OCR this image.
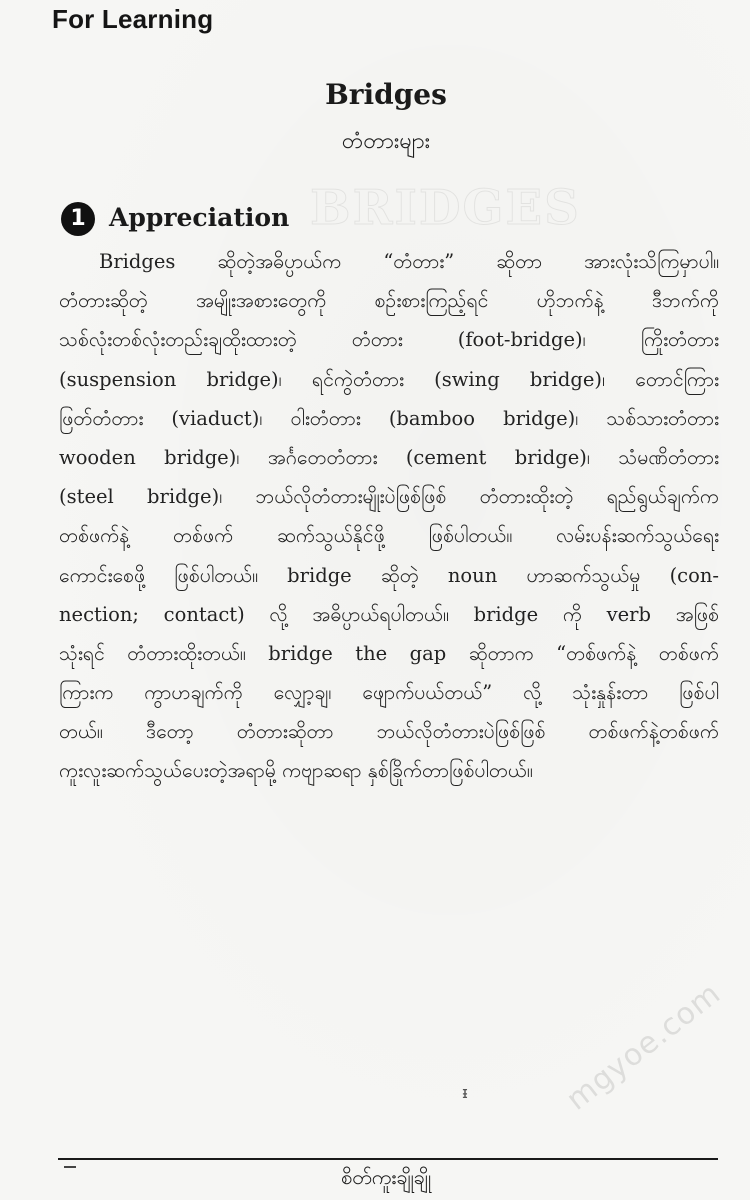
For Learning
BRIDGES
Bridges
တံတားများ
1 Appreciation
Bridges ဆိုတဲ့အဓိပ္ပာယ်က “တံတား” ဆိုတာ အားလုံးသိကြမှာပါ။
တံတားဆိုတဲ့ အမျိုးအစားတွေကို စဉ်းစားကြည့်ရင် ဟိုဘက်နဲ့ ဒီဘက်ကို
သစ်လုံးတစ်လုံးတည်းချထိုးထားတဲ့ တံတား (foot-bridge)၊ ကြိုးတံတား
(suspension bridge)၊ ရင်ကွဲတံတား (swing bridge)၊ တောင်ကြား
ဖြတ်တံတား (viaduct)၊ ဝါးတံတား (bamboo bridge)၊ သစ်သားတံတား
wooden bridge)၊ အင်္ဂတေတံတား (cement bridge)၊ သံမဏိတံတား
(steel bridge)၊ ဘယ်လိုတံတားမျိုးပဲဖြစ်ဖြစ် တံတားထိုးတဲ့ ရည်ရွယ်ချက်က
တစ်ဖက်နဲ့ တစ်ဖက် ဆက်သွယ်နိုင်ဖို့ ဖြစ်ပါတယ်။ လမ်းပန်းဆက်သွယ်ရေး
ကောင်းစေဖို့ ဖြစ်ပါတယ်။ bridge ဆိုတဲ့ noun ဟာဆက်သွယ်မှု (con-
nection; contact) လို့ အဓိပ္ပာယ်ရပါတယ်။ bridge ကို verb အဖြစ်
သုံးရင် တံတားထိုးတယ်။ bridge the gap ဆိုတာက “တစ်ဖက်နဲ့ တစ်ဖက်
ကြားက ကွာဟချက်ကို လျှော့ချ၊ ဖျောက်ပယ်တယ်” လို့ သုံးနှုန်းတာ ဖြစ်ပါ
တယ်။ ဒီတော့ တံတားဆိုတာ ဘယ်လိုတံတားပဲဖြစ်ဖြစ် တစ်ဖက်နဲ့တစ်ဖက်
ကူးလူးဆက်သွယ်ပေးတဲ့အရာမို့ ကဗျာဆရာ နှစ်ခြိုက်တာဖြစ်ပါတယ်။
ᵻ	mgyoe.com
စိတ်ကူးချိုချို
